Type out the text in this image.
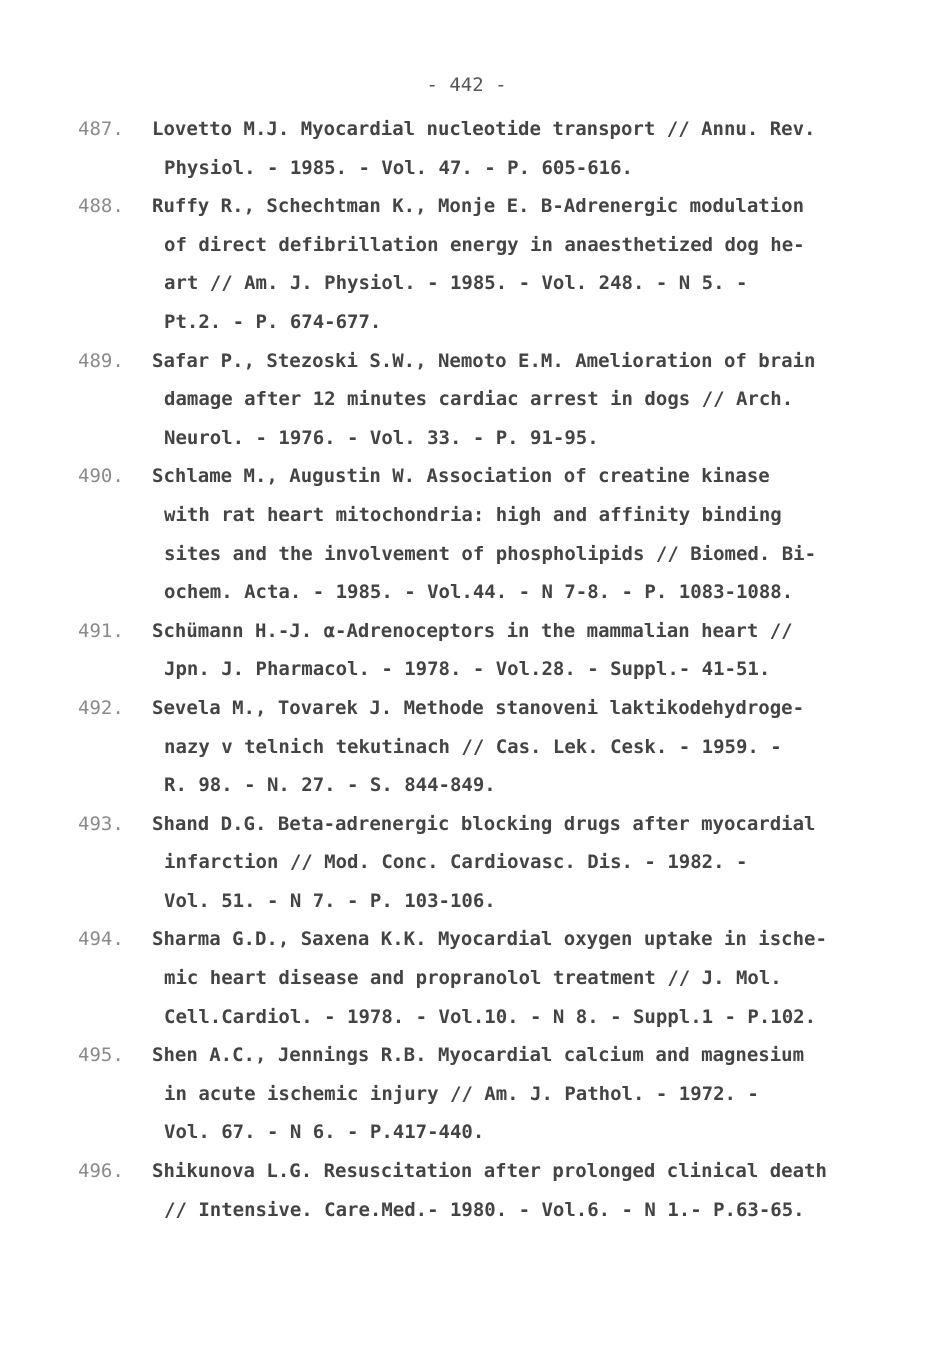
- 442 -
487.	Lovetto M.J. Myocardial nucleotide transport // Annu. Rev.
Physiol. - 1985. - Vol. 47. - P. 605-616.
488.	Ruffy R., Schechtman K., Monje E. B-Adrenergic modulation
of direct defibrillation energy in anaesthetized dog he-
art // Am. J. Physiol. - 1985. - Vol. 248. - N 5. -
Pt.2. - P. 674-677.
489.	Safar P., Stezoski S.W., Nemoto E.M. Amelioration of brain
damage after 12 minutes cardiac arrest in dogs // Arch.
Neurol. - 1976. - Vol. 33. - P. 91-95.
490.	Schlame M., Augustin W. Association of creatine kinase
with rat heart mitochondria: high and affinity binding
sites and the involvement of phospholipids // Biomed. Bi-
ochem. Acta. - 1985. - Vol.44. - N 7-8. - P. 1083-1088.
491.	Schümann H.-J. α-Adrenoceptors in the mammalian heart //
Jpn. J. Pharmacol. - 1978. - Vol.28. - Suppl.- 41-51.
492.	Sevela M., Tovarek J. Methode stanoveni laktikodehydroge-
nazy v telnich tekutinach // Cas. Lek. Cesk. - 1959. -
R. 98. - N. 27. - S. 844-849.
493.	Shand D.G. Beta-adrenergic blocking drugs after myocardial
infarction // Mod. Conc. Cardiovasc. Dis. - 1982. -
Vol. 51. - N 7. - P. 103-106.
494.	Sharma G.D., Saxena K.K. Myocardial oxygen uptake in ische-
mic heart disease and propranolol treatment // J. Mol.
Cell.Cardiol. - 1978. - Vol.10. - N 8. - Suppl.1 - P.102.
495.	Shen A.C., Jennings R.B. Myocardial calcium and magnesium
in acute ischemic injury // Am. J. Pathol. - 1972. -
Vol. 67. - N 6. - P.417-440.
496.	Shikunova L.G. Resuscitation after prolonged clinical death
// Intensive. Care.Med.- 1980. - Vol.6. - N 1.- P.63-65.
